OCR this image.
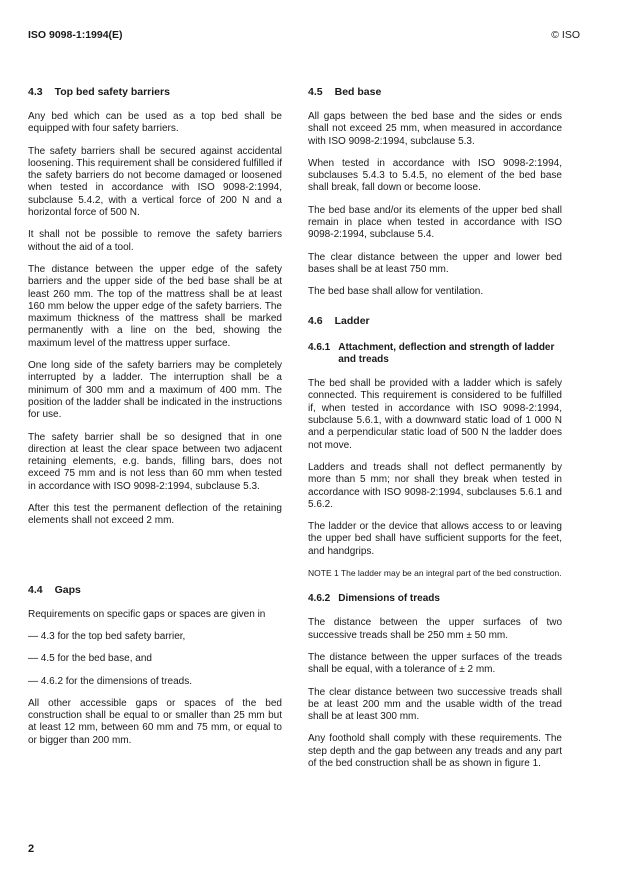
ISO 9098-1:1994(E)	© ISO
4.3 Top bed safety barriers

Any bed which can be used as a top bed shall be equipped with four safety barriers.

The safety barriers shall be secured against accidental loosening. This requirement shall be considered fulfilled if the safety barriers do not become damaged or loosened when tested in accordance with ISO 9098-2:1994, subclause 5.4.2, with a vertical force of 200 N and a horizontal force of 500 N.

It shall not be possible to remove the safety barriers without the aid of a tool.

The distance between the upper edge of the safety barriers and the upper side of the bed base shall be at least 260 mm. The top of the mattress shall be at least 160 mm below the upper edge of the safety barriers. The maximum thickness of the mattress shall be marked permanently with a line on the bed, showing the maximum level of the mattress upper surface.

One long side of the safety barriers may be completely interrupted by a ladder. The interruption shall be a minimum of 300 mm and a maximum of 400 mm. The position of the ladder shall be indicated in the instructions for use.

The safety barrier shall be so designed that in one direction at least the clear space between two adjacent retaining elements, e.g. bands, filling bars, does not exceed 75 mm and is not less than 60 mm when tested in accordance with ISO 9098-2:1994, subclause 5.3.

After this test the permanent deflection of the retaining elements shall not exceed 2 mm.

4.4 Gaps

Requirements on specific gaps or spaces are given in

— 4.3 for the top bed safety barrier,

— 4.5 for the bed base, and

— 4.6.2 for the dimensions of treads.

All other accessible gaps or spaces of the bed construction shall be equal to or smaller than 25 mm but at least 12 mm, between 60 mm and 75 mm, or equal to or bigger than 200 mm.

4.5 Bed base

All gaps between the bed base and the sides or ends shall not exceed 25 mm, when measured in accordance with ISO 9098-2:1994, subclause 5.3.

When tested in accordance with ISO 9098-2:1994, subclauses 5.4.3 to 5.4.5, no element of the bed base shall break, fall down or become loose.

The bed base and/or its elements of the upper bed shall remain in place when tested in accordance with ISO 9098-2:1994, subclause 5.4.

The clear distance between the upper and lower bed bases shall be at least 750 mm.

The bed base shall allow for ventilation.

4.6 Ladder
4.6.1 Attachment, deflection and strength of ladder and treads

The bed shall be provided with a ladder which is safely connected. This requirement is considered to be fulfilled if, when tested in accordance with ISO 9098-2:1994, subclause 5.6.1, with a downward static load of 1 000 N and a perpendicular static load of 500 N the ladder does not move.

Ladders and treads shall not deflect permanently by more than 5 mm; nor shall they break when tested in accordance with ISO 9098-2:1994, subclauses 5.6.1 and 5.6.2.

The ladder or the device that allows access to or leaving the upper bed shall have sufficient supports for the feet, and handgrips.

NOTE 1 The ladder may be an integral part of the bed construction.

4.6.2 Dimensions of treads

The distance between the upper surfaces of two successive treads shall be 250 mm ± 50 mm.

The distance between the upper surfaces of the treads shall be equal, with a tolerance of ± 2 mm.

The clear distance between two successive treads shall be at least 200 mm and the usable width of the tread shall be at least 300 mm.

Any foothold shall comply with these requirements. The step depth and the gap between any treads and any part of the bed construction shall be as shown in figure 1.

2
